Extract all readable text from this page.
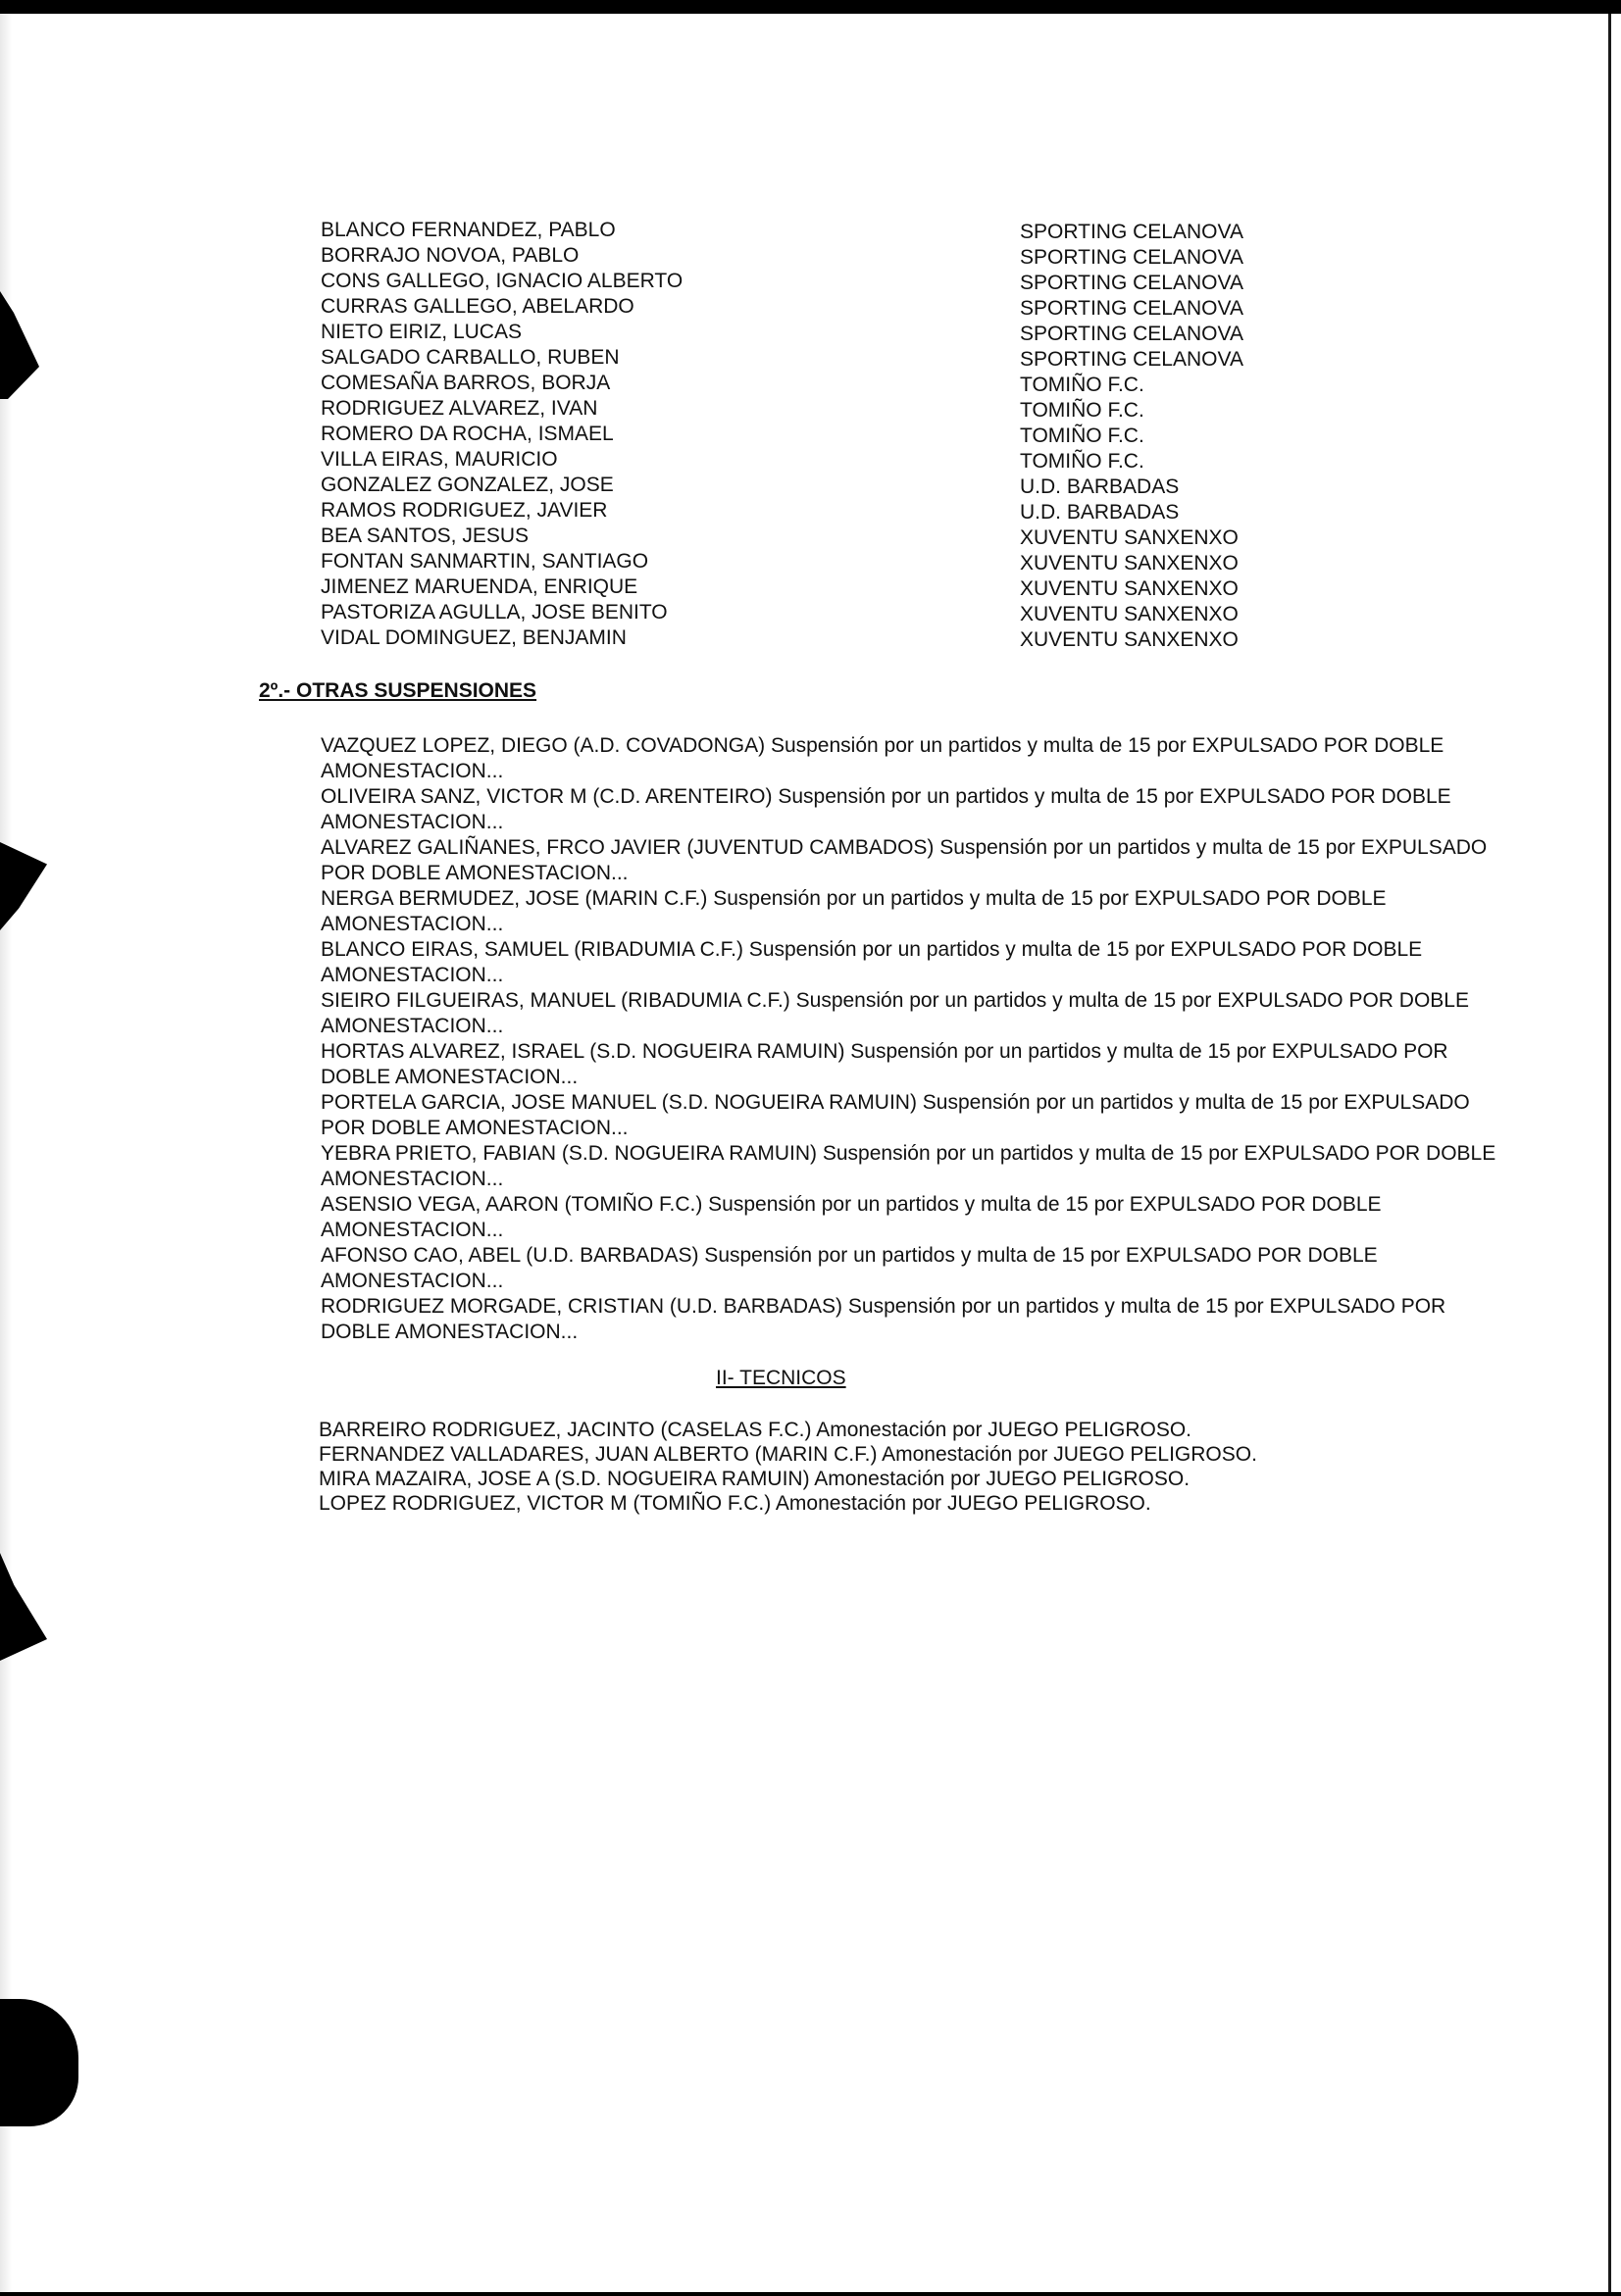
BLANCO FERNANDEZ, PABLO
BORRAJO NOVOA, PABLO
CONS GALLEGO, IGNACIO ALBERTO
CURRAS GALLEGO, ABELARDO
NIETO EIRIZ, LUCAS
SALGADO CARBALLO, RUBEN
COMESAÑA BARROS, BORJA
RODRIGUEZ ALVAREZ, IVAN
ROMERO DA ROCHA, ISMAEL
VILLA EIRAS, MAURICIO
GONZALEZ GONZALEZ, JOSE
RAMOS RODRIGUEZ, JAVIER
BEA SANTOS, JESUS
FONTAN SANMARTIN, SANTIAGO
JIMENEZ MARUENDA, ENRIQUE
PASTORIZA AGULLA, JOSE BENITO
VIDAL DOMINGUEZ, BENJAMIN
SPORTING CELANOVA
SPORTING CELANOVA
SPORTING CELANOVA
SPORTING CELANOVA
SPORTING CELANOVA
SPORTING CELANOVA
TOMIÑO F.C.
TOMIÑO F.C.
TOMIÑO F.C.
TOMIÑO F.C.
U.D. BARBADAS
U.D. BARBADAS
XUVENTU SANXENXO
XUVENTU SANXENXO
XUVENTU SANXENXO
XUVENTU SANXENXO
XUVENTU SANXENXO
2º.- OTRAS SUSPENSIONES

VAZQUEZ LOPEZ, DIEGO (A.D. COVADONGA) Suspensión por un partidos y multa de 15 por EXPULSADO POR DOBLE AMONESTACION...

OLIVEIRA SANZ, VICTOR M (C.D. ARENTEIRO) Suspensión por un partidos y multa de 15 por EXPULSADO POR DOBLE AMONESTACION...

ALVAREZ GALIÑANES, FRCO JAVIER (JUVENTUD CAMBADOS) Suspensión por un partidos y multa de 15 por EXPULSADO POR DOBLE AMONESTACION...

NERGA BERMUDEZ, JOSE (MARIN C.F.) Suspensión por un partidos y multa de 15 por EXPULSADO POR DOBLE AMONESTACION...

BLANCO EIRAS, SAMUEL (RIBADUMIA C.F.) Suspensión por un partidos y multa de 15 por EXPULSADO POR DOBLE AMONESTACION...

SIEIRO FILGUEIRAS, MANUEL (RIBADUMIA C.F.) Suspensión por un partidos y multa de 15 por EXPULSADO POR DOBLE AMONESTACION...

HORTAS ALVAREZ, ISRAEL (S.D. NOGUEIRA RAMUIN) Suspensión por un partidos y multa de 15 por EXPULSADO POR DOBLE AMONESTACION...

PORTELA GARCIA, JOSE MANUEL (S.D. NOGUEIRA RAMUIN) Suspensión por un partidos y multa de 15 por EXPULSADO POR DOBLE AMONESTACION...

YEBRA PRIETO, FABIAN (S.D. NOGUEIRA RAMUIN) Suspensión por un partidos y multa de 15 por EXPULSADO POR DOBLE AMONESTACION...

ASENSIO VEGA, AARON (TOMIÑO F.C.) Suspensión por un partidos y multa de 15 por EXPULSADO POR DOBLE AMONESTACION...

AFONSO CAO, ABEL (U.D. BARBADAS) Suspensión por un partidos y multa de 15 por EXPULSADO POR DOBLE AMONESTACION...

RODRIGUEZ MORGADE, CRISTIAN (U.D. BARBADAS) Suspensión por un partidos y multa de 15 por EXPULSADO POR DOBLE AMONESTACION...

II- TECNICOS

BARREIRO RODRIGUEZ, JACINTO (CASELAS F.C.) Amonestación por JUEGO PELIGROSO.

FERNANDEZ VALLADARES, JUAN ALBERTO (MARIN C.F.) Amonestación por JUEGO PELIGROSO.

MIRA MAZAIRA, JOSE A (S.D. NOGUEIRA RAMUIN) Amonestación por JUEGO PELIGROSO.

LOPEZ RODRIGUEZ, VICTOR M (TOMIÑO F.C.) Amonestación por JUEGO PELIGROSO.
